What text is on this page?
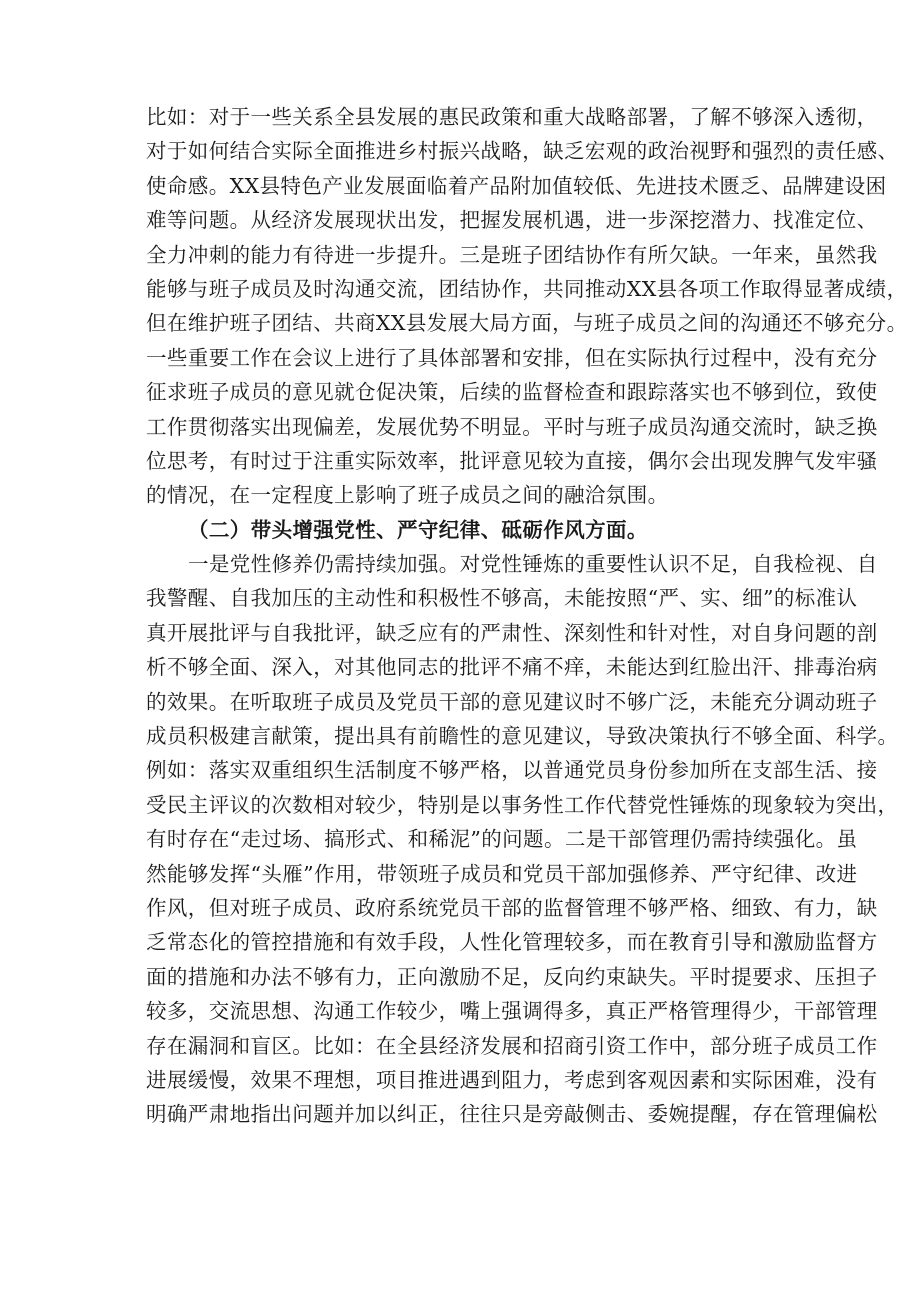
比如：对于一些关系全县发展的惠民政策和重大战略部署，了解不够深入透彻，
对于如何结合实际全面推进乡村振兴战略，缺乏宏观的政治视野和强烈的责任感、
使命感。XX县特色产业发展面临着产品附加值较低、先进技术匮乏、品牌建设困
难等问题。从经济发展现状出发，把握发展机遇，进一步深挖潜力、找准定位、
全力冲刺的能力有待进一步提升。三是班子团结协作有所欠缺。一年来，虽然我
能够与班子成员及时沟通交流，团结协作，共同推动XX县各项工作取得显著成绩，
但在维护班子团结、共商XX县发展大局方面，与班子成员之间的沟通还不够充分。
一些重要工作在会议上进行了具体部署和安排，但在实际执行过程中，没有充分
征求班子成员的意见就仓促决策，后续的监督检查和跟踪落实也不够到位，致使
工作贯彻落实出现偏差，发展优势不明显。平时与班子成员沟通交流时，缺乏换
位思考，有时过于注重实际效率，批评意见较为直接，偶尔会出现发脾气发牢骚
的情况，在一定程度上影响了班子成员之间的融洽氛围。
（二）带头增强党性、严守纪律、砥砺作风方面。
一是党性修养仍需持续加强。对党性锤炼的重要性认识不足，自我检视、自
我警醒、自我加压的主动性和积极性不够高，未能按照“严、实、细”的标准认
真开展批评与自我批评，缺乏应有的严肃性、深刻性和针对性，对自身问题的剖
析不够全面、深入，对其他同志的批评不痛不痒，未能达到红脸出汗、排毒治病
的效果。在听取班子成员及党员干部的意见建议时不够广泛，未能充分调动班子
成员积极建言献策，提出具有前瞻性的意见建议，导致决策执行不够全面、科学。
例如：落实双重组织生活制度不够严格，以普通党员身份参加所在支部生活、接
受民主评议的次数相对较少，特别是以事务性工作代替党性锤炼的现象较为突出，
有时存在“走过场、搞形式、和稀泥”的问题。二是干部管理仍需持续强化。虽
然能够发挥“头雁”作用，带领班子成员和党员干部加强修养、严守纪律、改进
作风，但对班子成员、政府系统党员干部的监督管理不够严格、细致、有力，缺
乏常态化的管控措施和有效手段，人性化管理较多，而在教育引导和激励监督方
面的措施和办法不够有力，正向激励不足，反向约束缺失。平时提要求、压担子
较多，交流思想、沟通工作较少，嘴上强调得多，真正严格管理得少，干部管理
存在漏洞和盲区。比如：在全县经济发展和招商引资工作中，部分班子成员工作
进展缓慢，效果不理想，项目推进遇到阻力，考虑到客观因素和实际困难，没有
明确严肃地指出问题并加以纠正，往往只是旁敲侧击、委婉提醒，存在管理偏松
